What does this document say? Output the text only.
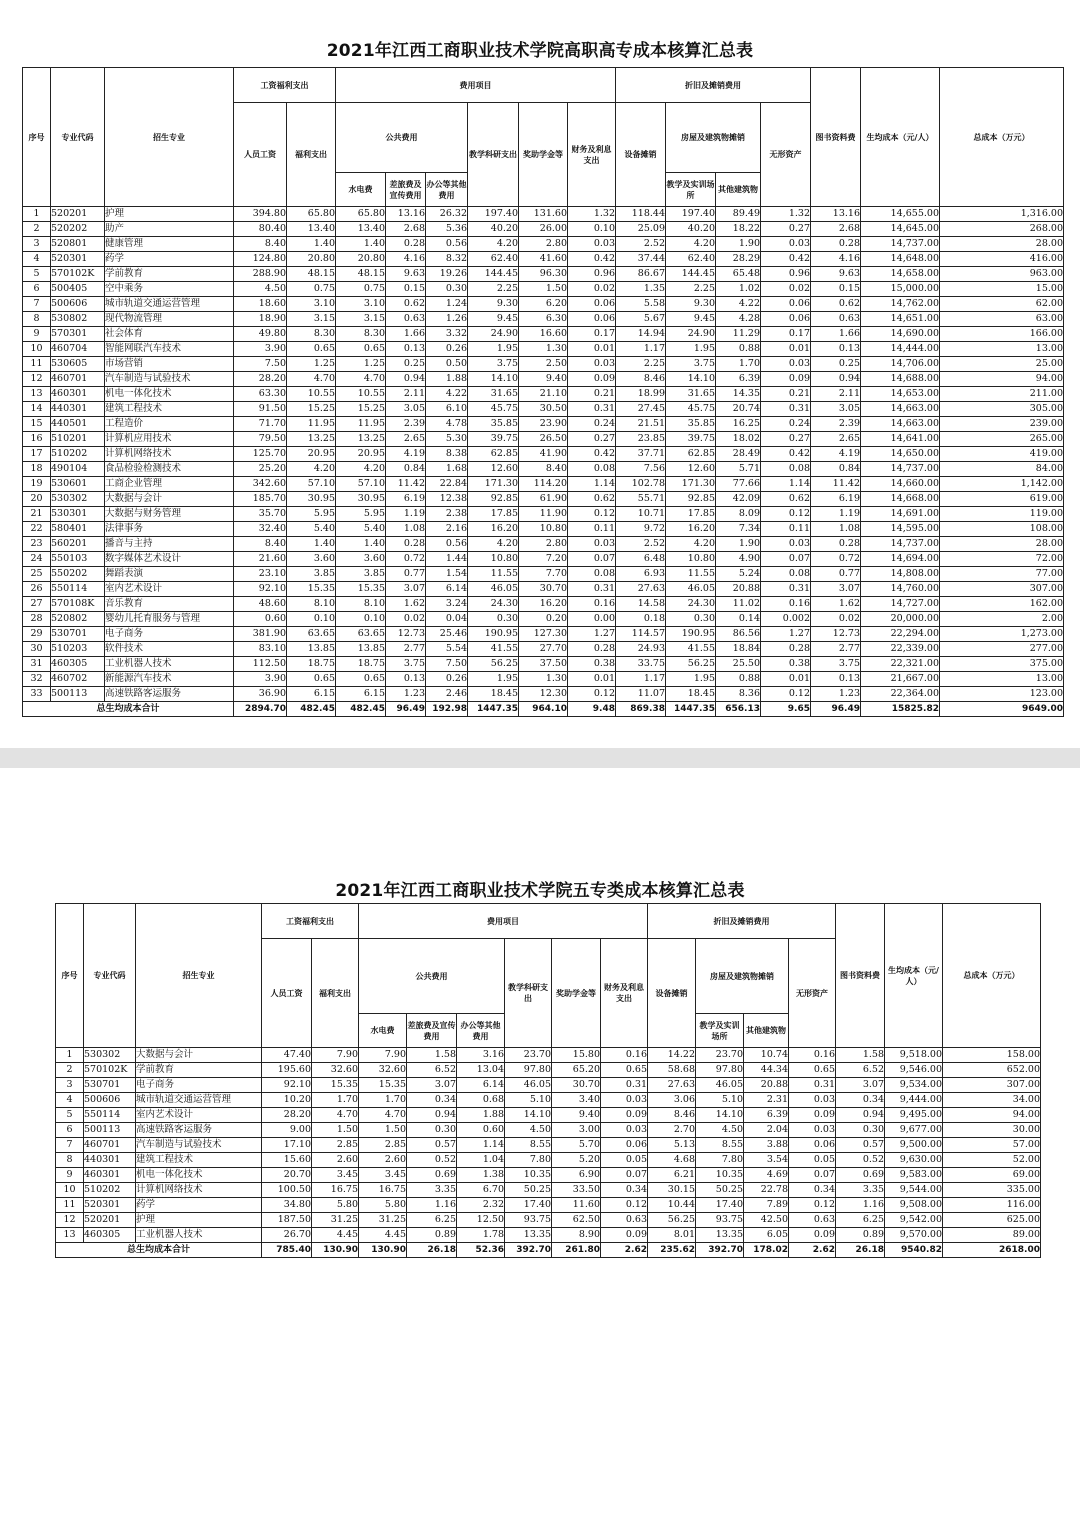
2021年江西工商职业技术学院高职高专成本核算汇总表
序号	专业代码	招生专业	工资福利支出		费用项目						折旧及摊销费用				图书资料费	生均成本（元/人）	总成本（万元）
			人员工资	福利支出	公共费用			教学科研支出	奖助学金等	财务及利息支出	设备摊销	房屋及建筑物摊销		无形资产			
					水电费	差旅费及宣传费用	办公等其他费用					教学及实训场所	其他建筑物				
1	520201	护理	394.80	65.80	65.80	13.16	26.32	197.40	131.60	1.32	118.44	197.40	89.49	1.32	13.16	14,655.00	1,316.00
2	520202	助产	80.40	13.40	13.40	2.68	5.36	40.20	26.00	0.10	25.09	40.20	18.22	0.27	2.68	14,645.00	268.00
3	520801	健康管理	8.40	1.40	1.40	0.28	0.56	4.20	2.80	0.03	2.52	4.20	1.90	0.03	0.28	14,737.00	28.00
4	520301	药学	124.80	20.80	20.80	4.16	8.32	62.40	41.60	0.42	37.44	62.40	28.29	0.42	4.16	14,648.00	416.00
5	570102K	学前教育	288.90	48.15	48.15	9.63	19.26	144.45	96.30	0.96	86.67	144.45	65.48	0.96	9.63	14,658.00	963.00
6	500405	空中乘务	4.50	0.75	0.75	0.15	0.30	2.25	1.50	0.02	1.35	2.25	1.02	0.02	0.15	15,000.00	15.00
7	500606	城市轨道交通运营管理	18.60	3.10	3.10	0.62	1.24	9.30	6.20	0.06	5.58	9.30	4.22	0.06	0.62	14,762.00	62.00
8	530802	现代物流管理	18.90	3.15	3.15	0.63	1.26	9.45	6.30	0.06	5.67	9.45	4.28	0.06	0.63	14,651.00	63.00
9	570301	社会体育	49.80	8.30	8.30	1.66	3.32	24.90	16.60	0.17	14.94	24.90	11.29	0.17	1.66	14,690.00	166.00
10	460704	智能网联汽车技术	3.90	0.65	0.65	0.13	0.26	1.95	1.30	0.01	1.17	1.95	0.88	0.01	0.13	14,444.00	13.00
11	530605	市场营销	7.50	1.25	1.25	0.25	0.50	3.75	2.50	0.03	2.25	3.75	1.70	0.03	0.25	14,706.00	25.00
12	460701	汽车制造与试验技术	28.20	4.70	4.70	0.94	1.88	14.10	9.40	0.09	8.46	14.10	6.39	0.09	0.94	14,688.00	94.00
13	460301	机电一体化技术	63.30	10.55	10.55	2.11	4.22	31.65	21.10	0.21	18.99	31.65	14.35	0.21	2.11	14,653.00	211.00
14	440301	建筑工程技术	91.50	15.25	15.25	3.05	6.10	45.75	30.50	0.31	27.45	45.75	20.74	0.31	3.05	14,663.00	305.00
15	440501	工程造价	71.70	11.95	11.95	2.39	4.78	35.85	23.90	0.24	21.51	35.85	16.25	0.24	2.39	14,663.00	239.00
16	510201	计算机应用技术	79.50	13.25	13.25	2.65	5.30	39.75	26.50	0.27	23.85	39.75	18.02	0.27	2.65	14,641.00	265.00
17	510202	计算机网络技术	125.70	20.95	20.95	4.19	8.38	62.85	41.90	0.42	37.71	62.85	28.49	0.42	4.19	14,650.00	419.00
18	490104	食品检验检测技术	25.20	4.20	4.20	0.84	1.68	12.60	8.40	0.08	7.56	12.60	5.71	0.08	0.84	14,737.00	84.00
19	530601	工商企业管理	342.60	57.10	57.10	11.42	22.84	171.30	114.20	1.14	102.78	171.30	77.66	1.14	11.42	14,660.00	1,142.00
20	530302	大数据与会计	185.70	30.95	30.95	6.19	12.38	92.85	61.90	0.62	55.71	92.85	42.09	0.62	6.19	14,668.00	619.00
21	530301	大数据与财务管理	35.70	5.95	5.95	1.19	2.38	17.85	11.90	0.12	10.71	17.85	8.09	0.12	1.19	14,691.00	119.00
22	580401	法律事务	32.40	5.40	5.40	1.08	2.16	16.20	10.80	0.11	9.72	16.20	7.34	0.11	1.08	14,595.00	108.00
23	560201	播音与主持	8.40	1.40	1.40	0.28	0.56	4.20	2.80	0.03	2.52	4.20	1.90	0.03	0.28	14,737.00	28.00
24	550103	数字媒体艺术设计	21.60	3.60	3.60	0.72	1.44	10.80	7.20	0.07	6.48	10.80	4.90	0.07	0.72	14,694.00	72.00
25	550202	舞蹈表演	23.10	3.85	3.85	0.77	1.54	11.55	7.70	0.08	6.93	11.55	5.24	0.08	0.77	14,808.00	77.00
26	550114	室内艺术设计	92.10	15.35	15.35	3.07	6.14	46.05	30.70	0.31	27.63	46.05	20.88	0.31	3.07	14,760.00	307.00
27	570108K	音乐教育	48.60	8.10	8.10	1.62	3.24	24.30	16.20	0.16	14.58	24.30	11.02	0.16	1.62	14,727.00	162.00
28	520802	婴幼儿托育服务与管理	0.60	0.10	0.10	0.02	0.04	0.30	0.20	0.00	0.18	0.30	0.14	0.002	0.02	20,000.00	2.00
29	530701	电子商务	381.90	63.65	63.65	12.73	25.46	190.95	127.30	1.27	114.57	190.95	86.56	1.27	12.73	22,294.00	1,273.00
30	510203	软件技术	83.10	13.85	13.85	2.77	5.54	41.55	27.70	0.28	24.93	41.55	18.84	0.28	2.77	22,339.00	277.00
31	460305	工业机器人技术	112.50	18.75	18.75	3.75	7.50	56.25	37.50	0.38	33.75	56.25	25.50	0.38	3.75	22,321.00	375.00
32	460702	新能源汽车技术	3.90	0.65	0.65	0.13	0.26	1.95	1.30	0.01	1.17	1.95	0.88	0.01	0.13	21,667.00	13.00
33	500113	高速铁路客运服务	36.90	6.15	6.15	1.23	2.46	18.45	12.30	0.12	11.07	18.45	8.36	0.12	1.23	22,364.00	123.00
总生均成本合计			2894.70	482.45	482.45	96.49	192.98	1447.35	964.10	9.48	869.38	1447.35	656.13	9.65	96.49	15825.82	9649.00
2021年江西工商职业技术学院五专类成本核算汇总表
序号	专业代码	招生专业	工资福利支出		费用项目						折旧及摊销费用				图书资料费	生均成本（元/人）	总成本（万元）
			人员工资	福利支出	公共费用			教学科研支出	奖助学金等	财务及利息支出	设备摊销	房屋及建筑物摊销		无形资产			
					水电费	差旅费及宣传费用	办公等其他费用					教学及实训场所	其他建筑物				
1	530302	大数据与会计	47.40	7.90	7.90	1.58	3.16	23.70	15.80	0.16	14.22	23.70	10.74	0.16	1.58	9,518.00	158.00
2	570102K	学前教育	195.60	32.60	32.60	6.52	13.04	97.80	65.20	0.65	58.68	97.80	44.34	0.65	6.52	9,546.00	652.00
3	530701	电子商务	92.10	15.35	15.35	3.07	6.14	46.05	30.70	0.31	27.63	46.05	20.88	0.31	3.07	9,534.00	307.00
4	500606	城市轨道交通运营管理	10.20	1.70	1.70	0.34	0.68	5.10	3.40	0.03	3.06	5.10	2.31	0.03	0.34	9,444.00	34.00
5	550114	室内艺术设计	28.20	4.70	4.70	0.94	1.88	14.10	9.40	0.09	8.46	14.10	6.39	0.09	0.94	9,495.00	94.00
6	500113	高速铁路客运服务	9.00	1.50	1.50	0.30	0.60	4.50	3.00	0.03	2.70	4.50	2.04	0.03	0.30	9,677.00	30.00
7	460701	汽车制造与试验技术	17.10	2.85	2.85	0.57	1.14	8.55	5.70	0.06	5.13	8.55	3.88	0.06	0.57	9,500.00	57.00
8	440301	建筑工程技术	15.60	2.60	2.60	0.52	1.04	7.80	5.20	0.05	4.68	7.80	3.54	0.05	0.52	9,630.00	52.00
9	460301	机电一体化技术	20.70	3.45	3.45	0.69	1.38	10.35	6.90	0.07	6.21	10.35	4.69	0.07	0.69	9,583.00	69.00
10	510202	计算机网络技术	100.50	16.75	16.75	3.35	6.70	50.25	33.50	0.34	30.15	50.25	22.78	0.34	3.35	9,544.00	335.00
11	520301	药学	34.80	5.80	5.80	1.16	2.32	17.40	11.60	0.12	10.44	17.40	7.89	0.12	1.16	9,508.00	116.00
12	520201	护理	187.50	31.25	31.25	6.25	12.50	93.75	62.50	0.63	56.25	93.75	42.50	0.63	6.25	9,542.00	625.00
13	460305	工业机器人技术	26.70	4.45	4.45	0.89	1.78	13.35	8.90	0.09	8.01	13.35	6.05	0.09	0.89	9,570.00	89.00
总生均成本合计			785.40	130.90	130.90	26.18	52.36	392.70	261.80	2.62	235.62	392.70	178.02	2.62	26.18	9540.82	2618.00
